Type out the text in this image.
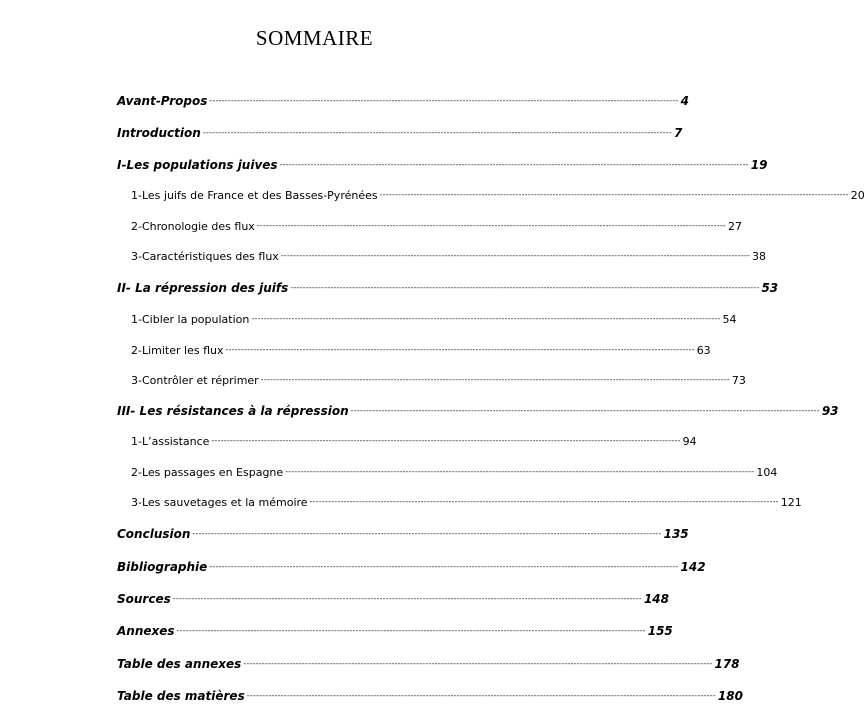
SOMMAIRE
Avant-Propos -------------------------------------------------------------------------------------------------------------------------------------------------------- 4
Introduction -------------------------------------------------------------------------------------------------------------------------------------------------------- 7
I- Les populations juives -------------------------------------------------------------------------------------------------------------------------------------------------------- 19
1- Les juifs de France et des Basses-Pyrénées -------------------------------------------------------------------------------------------------------------------------------------------------------- 20
2- Chronologie des flux -------------------------------------------------------------------------------------------------------------------------------------------------------- 27
3- Caractéristiques des flux -------------------------------------------------------------------------------------------------------------------------------------------------------- 38
II- La répression des juifs -------------------------------------------------------------------------------------------------------------------------------------------------------- 53
1- Cibler la population -------------------------------------------------------------------------------------------------------------------------------------------------------- 54
2- Limiter les flux -------------------------------------------------------------------------------------------------------------------------------------------------------- 63
3- Contrôler et réprimer -------------------------------------------------------------------------------------------------------------------------------------------------------- 73
III- Les résistances à la répression -------------------------------------------------------------------------------------------------------------------------------------------------------- 93
1- L’assistance -------------------------------------------------------------------------------------------------------------------------------------------------------- 94
2- Les passages en Espagne -------------------------------------------------------------------------------------------------------------------------------------------------------- 104
3- Les sauvetages et la mémoire -------------------------------------------------------------------------------------------------------------------------------------------------------- 121
Conclusion -------------------------------------------------------------------------------------------------------------------------------------------------------- 135
Bibliographie -------------------------------------------------------------------------------------------------------------------------------------------------------- 142
Sources -------------------------------------------------------------------------------------------------------------------------------------------------------- 148
Annexes -------------------------------------------------------------------------------------------------------------------------------------------------------- 155
Table des annexes -------------------------------------------------------------------------------------------------------------------------------------------------------- 178
Table des matières -------------------------------------------------------------------------------------------------------------------------------------------------------- 180
